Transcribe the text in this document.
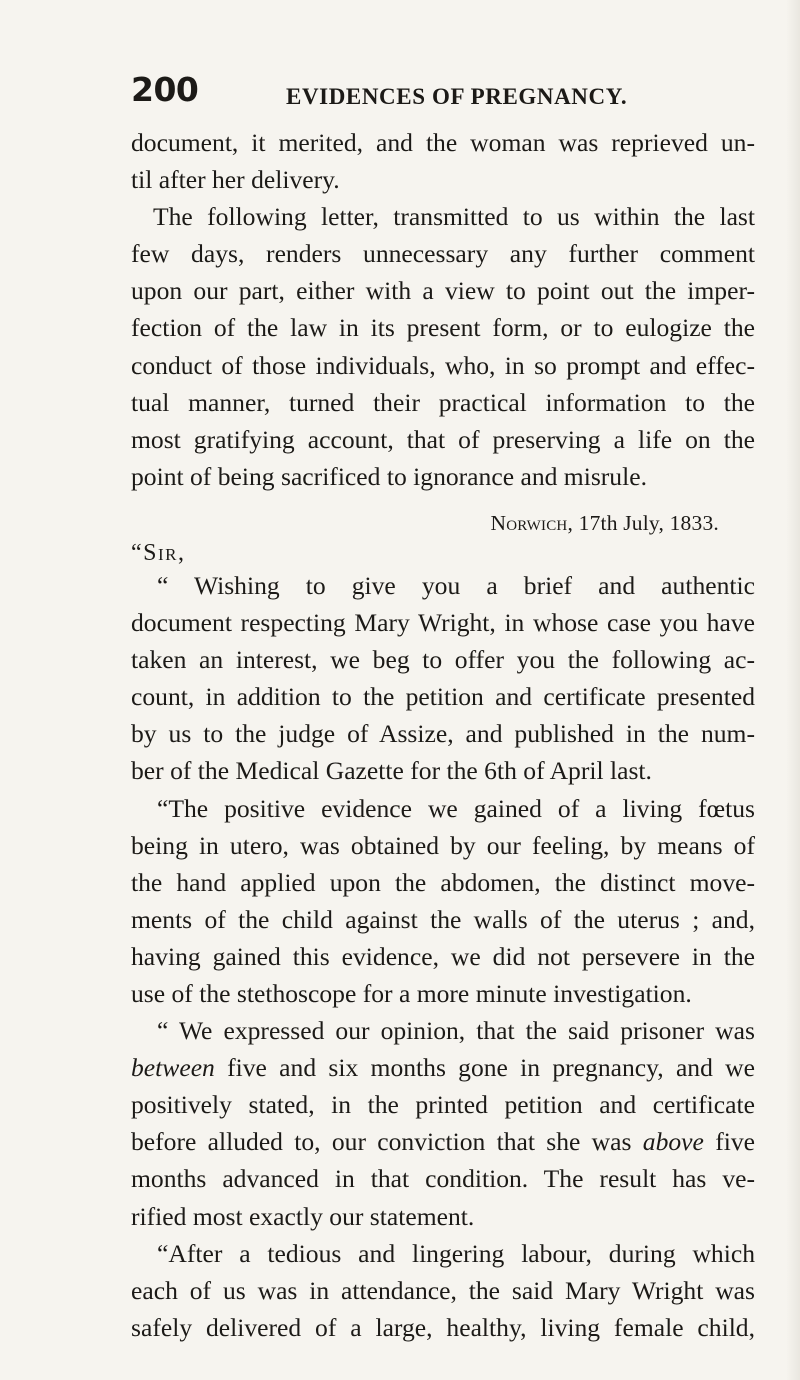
200	EVIDENCES OF PREGNANCY.
document, it merited, and the woman was reprieved un-
til after her delivery.
The following letter, transmitted to us within the last
few days, renders unnecessary any further comment
upon our part, either with a view to point out the imper-
fection of the law in its present form, or to eulogize the
conduct of those individuals, who, in so prompt and effec-
tual manner, turned their practical information to the
most gratifying account, that of preserving a life on the
point of being sacrificed to ignorance and misrule.
Norwich, 17th July, 1833.
“Sir,
“ Wishing to give you a brief and authentic
document respecting Mary Wright, in whose case you have
taken an interest, we beg to offer you the following ac-
count, in addition to the petition and certificate presented
by us to the judge of Assize, and published in the num-
ber of the Medical Gazette for the 6th of April last.
“The positive evidence we gained of a living fœtus
being in utero, was obtained by our feeling, by means of
the hand applied upon the abdomen, the distinct move-
ments of the child against the walls of the uterus ; and,
having gained this evidence, we did not persevere in the
use of the stethoscope for a more minute investigation.
“ We expressed our opinion, that the said prisoner was
between five and six months gone in pregnancy, and we
positively stated, in the printed petition and certificate
before alluded to, our conviction that she was above five
months advanced in that condition. The result has ve-
rified most exactly our statement.
“After a tedious and lingering labour, during which
each of us was in attendance, the said Mary Wright was
safely delivered of a large, healthy, living female child,
